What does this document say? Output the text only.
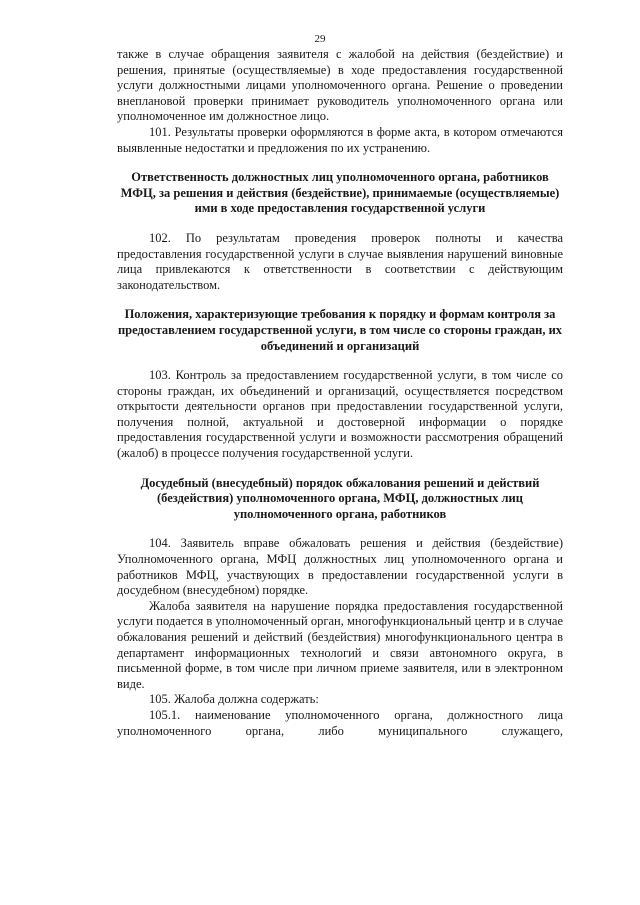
29

также в случае обращения заявителя с жалобой на действия (бездействие) и решения, принятые (осуществляемые) в ходе предоставления государственной услуги должностными лицами уполномоченного органа. Решение о проведении внеплановой проверки принимает руководитель уполномоченного органа или уполномоченное им должностное лицо.

101. Результаты проверки оформляются в форме акта, в котором отмечаются выявленные недостатки и предложения по их устранению.

Ответственность должностных лиц уполномоченного органа, работников МФЦ, за решения и действия (бездействие), принимаемые (осуществляемые) ими в ходе предоставления государственной услуги

102. По результатам проведения проверок полноты и качества предоставления государственной услуги в случае выявления нарушений виновные лица привлекаются к ответственности в соответствии с действующим законодательством.

Положения, характеризующие требования к порядку и формам контроля за предоставлением государственной услуги, в том числе со стороны граждан, их объединений и организаций

103. Контроль за предоставлением государственной услуги, в том числе со стороны граждан, их объединений и организаций, осуществляется посредством открытости деятельности органов при предоставлении государственной услуги, получения полной, актуальной и достоверной информации о порядке предоставления государственной услуги и возможности рассмотрения обращений (жалоб) в процессе получения государственной услуги.

Досудебный (внесудебный) порядок обжалования решений и действий (бездействия) уполномоченного органа, МФЦ, должностных лиц уполномоченного органа, работников

104. Заявитель вправе обжаловать решения и действия (бездействие) Уполномоченного органа, МФЦ должностных лиц уполномоченного органа и работников МФЦ, участвующих в предоставлении государственной услуги в досудебном (внесудебном) порядке.

Жалоба заявителя на нарушение порядка предоставления государственной услуги подается в уполномоченный орган, многофункциональный центр и в случае обжалования решений и действий (бездействия) многофункционального центра в департамент информационных технологий и связи автономного округа, в письменной форме, в том числе при личном приеме заявителя, или в электронном виде.

105. Жалоба должна содержать:

105.1. наименование уполномоченного органа, должностного лица уполномоченного органа, либо муниципального служащего,
